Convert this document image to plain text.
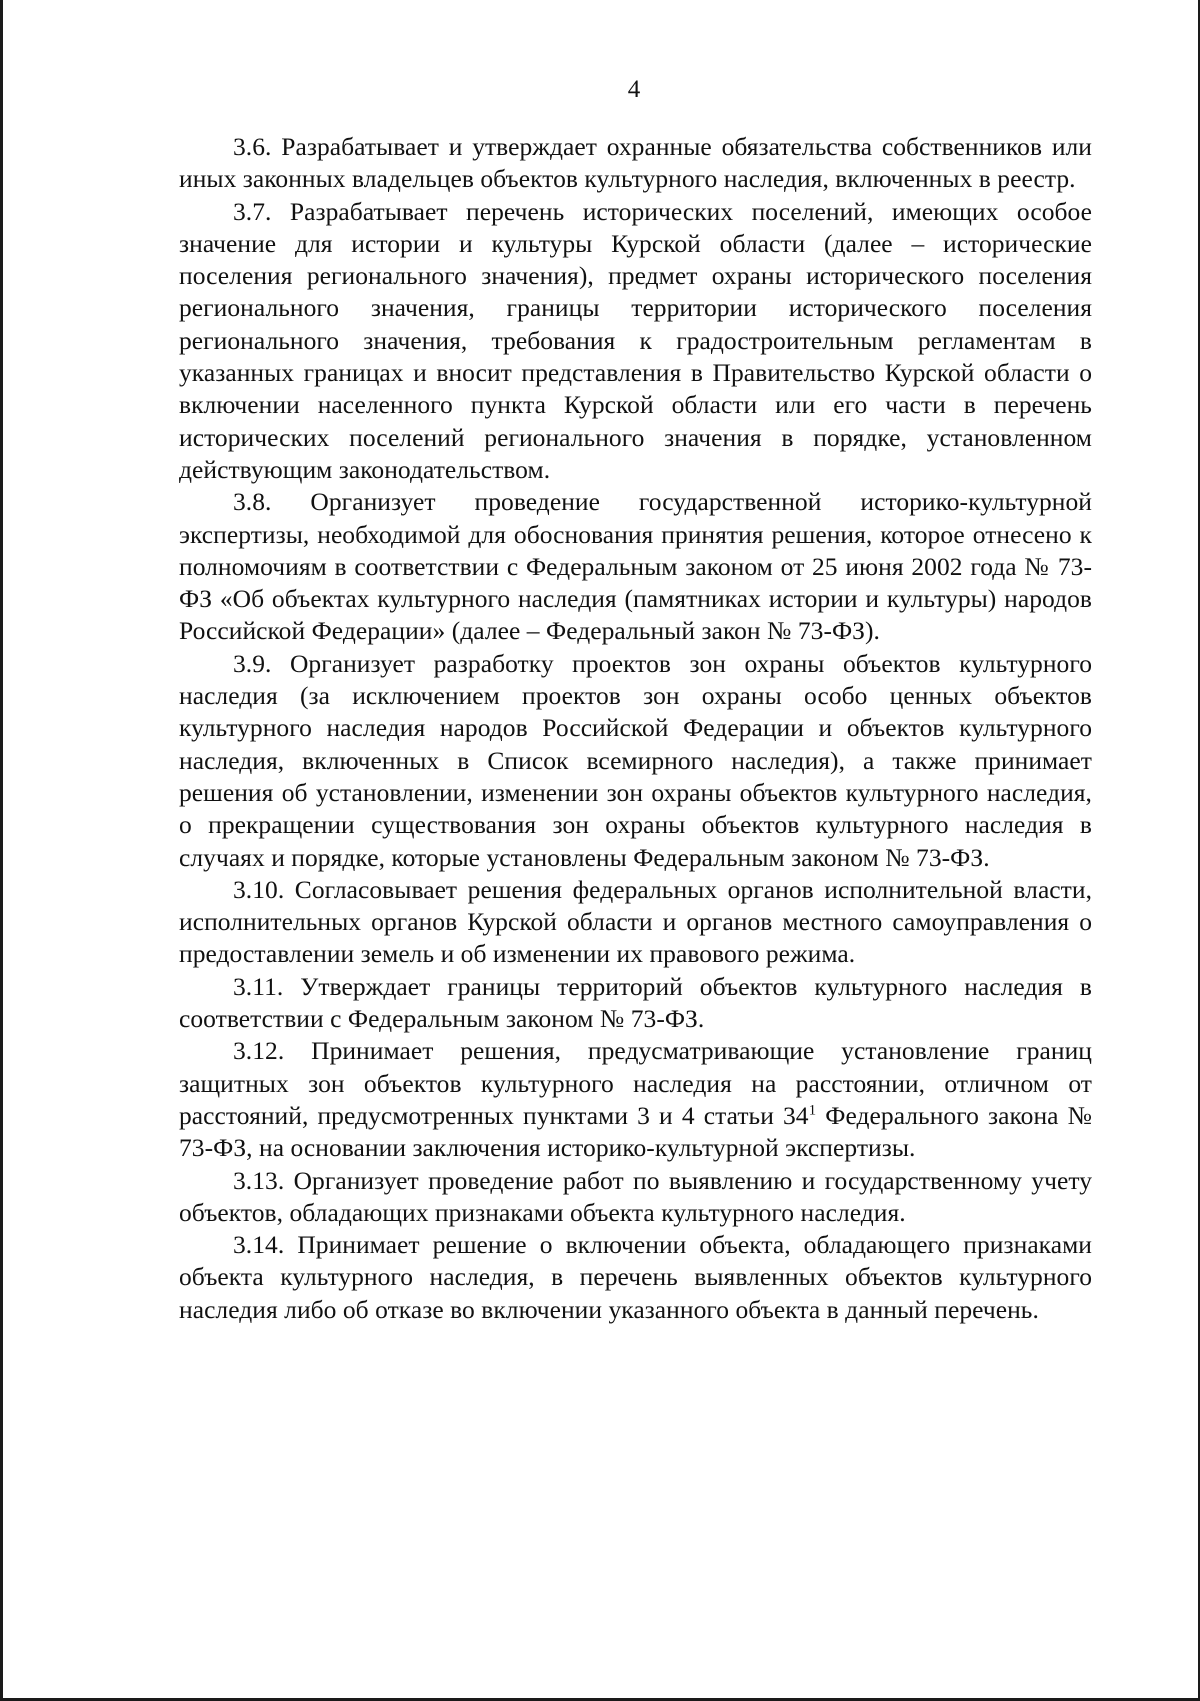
4

3.6. Разрабатывает и утверждает охранные обязательства собственников или иных законных владельцев объектов культурного наследия, включенных в реестр.

3.7. Разрабатывает перечень исторических поселений, имеющих особое значение для истории и культуры Курской области (далее – исторические поселения регионального значения), предмет охраны исторического поселения регионального значения, границы территории исторического поселения регионального значения, требования к градостроительным регламентам в указанных границах и вносит представления в Правительство Курской области о включении населенного пункта Курской области или его части в перечень исторических поселений регионального значения в порядке, установленном действующим законодательством.

3.8. Организует проведение государственной историко-культурной экспертизы, необходимой для обоснования принятия решения, которое отнесено к полномочиям в соответствии с Федеральным законом от 25 июня 2002 года № 73-ФЗ «Об объектах культурного наследия (памятниках истории и культуры) народов Российской Федерации» (далее – Федеральный закон № 73-ФЗ).

3.9. Организует разработку проектов зон охраны объектов культурного наследия (за исключением проектов зон охраны особо ценных объектов культурного наследия народов Российской Федерации и объектов культурного наследия, включенных в Список всемирного наследия), а также принимает решения об установлении, изменении зон охраны объектов культурного наследия, о прекращении существования зон охраны объектов культурного наследия в случаях и порядке, которые установлены Федеральным законом № 73-ФЗ.

3.10. Согласовывает решения федеральных органов исполнительной власти, исполнительных органов Курской области и органов местного самоуправления о предоставлении земель и об изменении их правового режима.

3.11. Утверждает границы территорий объектов культурного наследия в соответствии с Федеральным законом № 73-ФЗ.

3.12. Принимает решения, предусматривающие установление границ защитных зон объектов культурного наследия на расстоянии, отличном от расстояний, предусмотренных пунктами 3 и 4 статьи $34^1$ Федерального закона № 73-ФЗ, на основании заключения историко-культурной экспертизы.

3.13. Организует проведение работ по выявлению и государственному учету объектов, обладающих признаками объекта культурного наследия.

3.14. Принимает решение о включении объекта, обладающего признаками объекта культурного наследия, в перечень выявленных объектов культурного наследия либо об отказе во включении указанного объекта в данный перечень.
